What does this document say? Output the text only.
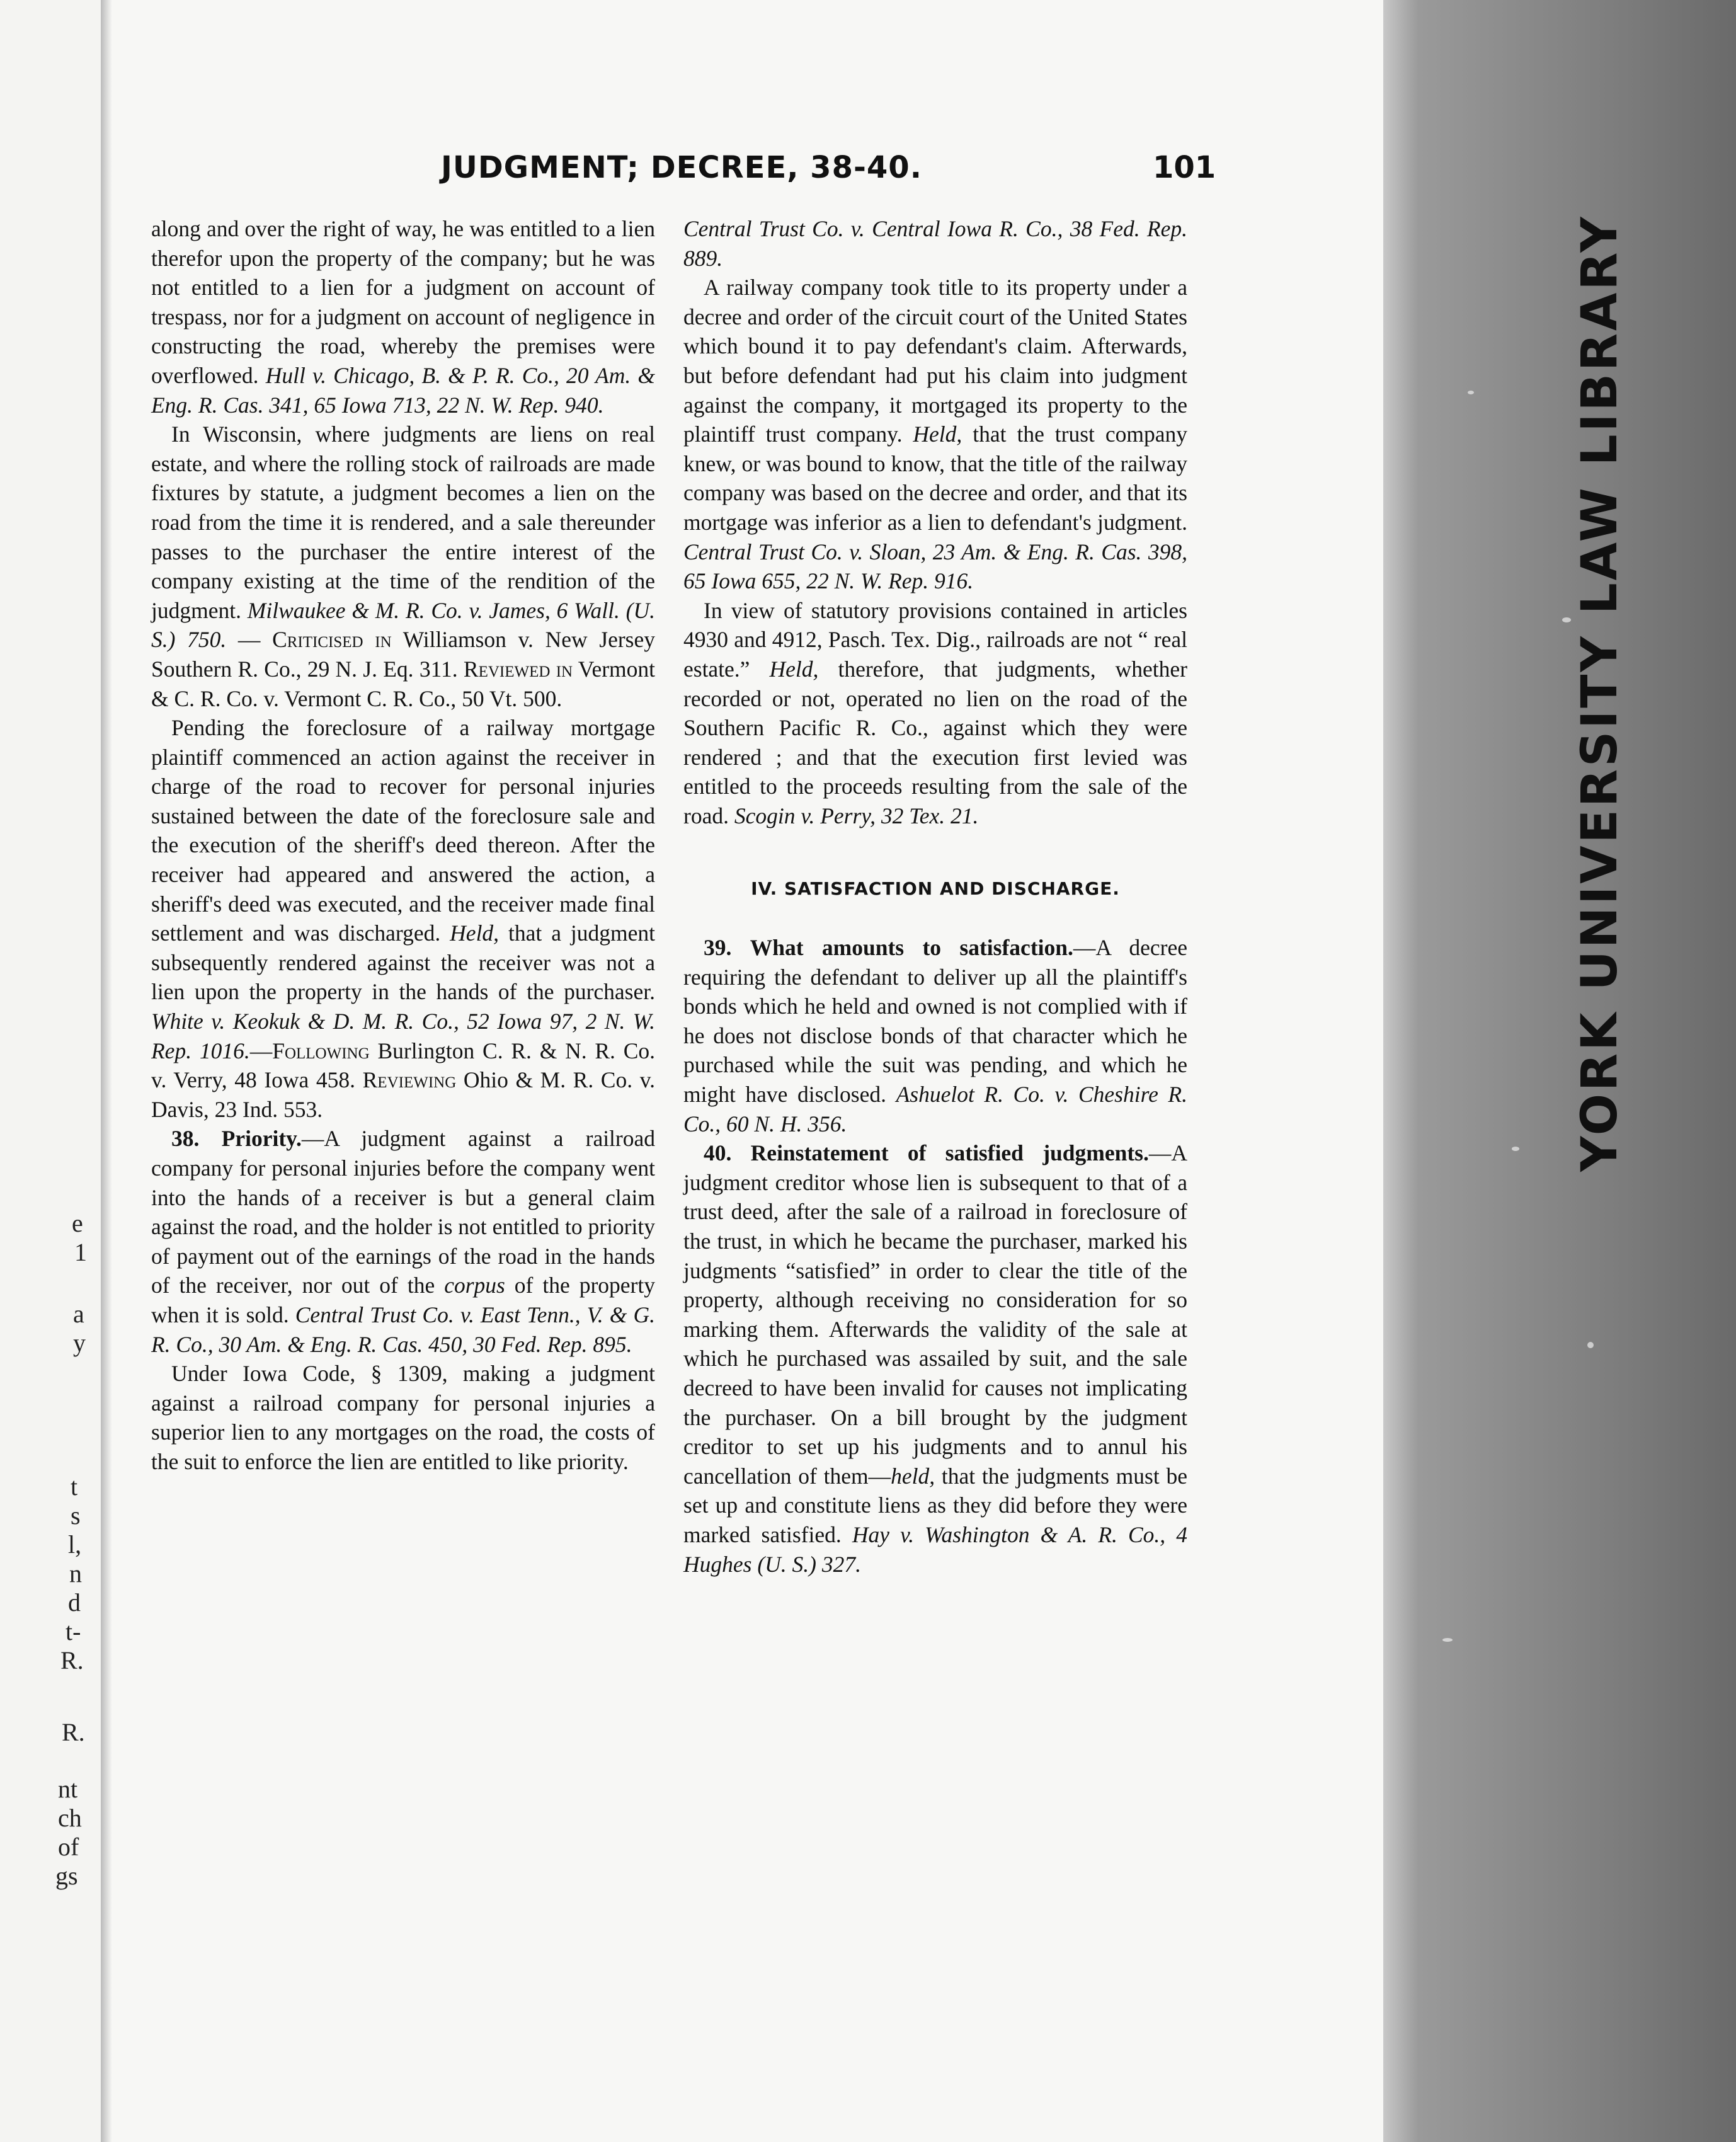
e
1
a
y
t
s
l,
n
d
t-
R.
R.
nt
ch
of
gs
YORK UNIVERSITY LAW LIBRARY
JUDGMENT; DECREE, 38-40.	101

along and over the right of way, he was entitled to a lien therefor upon the property of the company; but he was not entitled to a lien for a judgment on account of trespass, nor for a judgment on account of negligence in constructing the road, whereby the premises were overflowed. Hull v. Chicago, B. & P. R. Co., 20 Am. & Eng. R. Cas. 341, 65 Iowa 713, 22 N. W. Rep. 940.

In Wisconsin, where judgments are liens on real estate, and where the rolling stock of railroads are made fixtures by statute, a judgment becomes a lien on the road from the time it is rendered, and a sale thereunder passes to the purchaser the entire interest of the company existing at the time of the rendition of the judgment. Milwaukee & M. R. Co. v. James, 6 Wall. (U. S.) 750. — Criticised in Williamson v. New Jersey Southern R. Co., 29 N. J. Eq. 311. Reviewed in Vermont & C. R. Co. v. Vermont C. R. Co., 50 Vt. 500.

Pending the foreclosure of a railway mortgage plaintiff commenced an action against the receiver in charge of the road to recover for personal injuries sustained between the date of the foreclosure sale and the execution of the sheriff's deed thereon. After the receiver had appeared and answered the action, a sheriff's deed was executed, and the receiver made final settlement and was discharged. Held, that a judgment subsequently rendered against the receiver was not a lien upon the property in the hands of the purchaser. White v. Keokuk & D. M. R. Co., 52 Iowa 97, 2 N. W. Rep. 1016.—Following Burlington C. R. & N. R. Co. v. Verry, 48 Iowa 458. Reviewing Ohio & M. R. Co. v. Davis, 23 Ind. 553.

38. Priority.—A judgment against a railroad company for personal injuries before the company went into the hands of a receiver is but a general claim against the road, and the holder is not entitled to priority of payment out of the earnings of the road in the hands of the receiver, nor out of the corpus of the property when it is sold. Central Trust Co. v. East Tenn., V. & G. R. Co., 30 Am. & Eng. R. Cas. 450, 30 Fed. Rep. 895.

Under Iowa Code, § 1309, making a judgment against a railroad company for personal injuries a superior lien to any mortgages on the road, the costs of the suit to enforce the lien are entitled to like priority.

Central Trust Co. v. Central Iowa R. Co., 38 Fed. Rep. 889.

A railway company took title to its property under a decree and order of the circuit court of the United States which bound it to pay defendant's claim. Afterwards, but before defendant had put his claim into judgment against the company, it mortgaged its property to the plaintiff trust company. Held, that the trust company knew, or was bound to know, that the title of the railway company was based on the decree and order, and that its mortgage was inferior as a lien to defendant's judgment. Central Trust Co. v. Sloan, 23 Am. & Eng. R. Cas. 398, 65 Iowa 655, 22 N. W. Rep. 916.

In view of statutory provisions contained in articles 4930 and 4912, Pasch. Tex. Dig., railroads are not “ real estate.” Held, therefore, that judgments, whether recorded or not, operated no lien on the road of the Southern Pacific R. Co., against which they were rendered ; and that the execution first levied was entitled to the proceeds resulting from the sale of the road. Scogin v. Perry, 32 Tex. 21.

IV. SATISFACTION AND DISCHARGE.

39. What amounts to satisfaction.—A decree requiring the defendant to deliver up all the plaintiff's bonds which he held and owned is not complied with if he does not disclose bonds of that character which he purchased while the suit was pending, and which he might have disclosed. Ashuelot R. Co. v. Cheshire R. Co., 60 N. H. 356.

40. Reinstatement of satisfied judgments.—A judgment creditor whose lien is subsequent to that of a trust deed, after the sale of a railroad in foreclosure of the trust, in which he became the purchaser, marked his judgments “satisfied” in order to clear the title of the property, although receiving no consideration for so marking them. Afterwards the validity of the sale at which he purchased was assailed by suit, and the sale decreed to have been invalid for causes not implicating the purchaser. On a bill brought by the judgment creditor to set up his judgments and to annul his cancellation of them—held, that the judgments must be set up and constitute liens as they did before they were marked satisfied. Hay v. Washington & A. R. Co., 4 Hughes (U. S.) 327.
